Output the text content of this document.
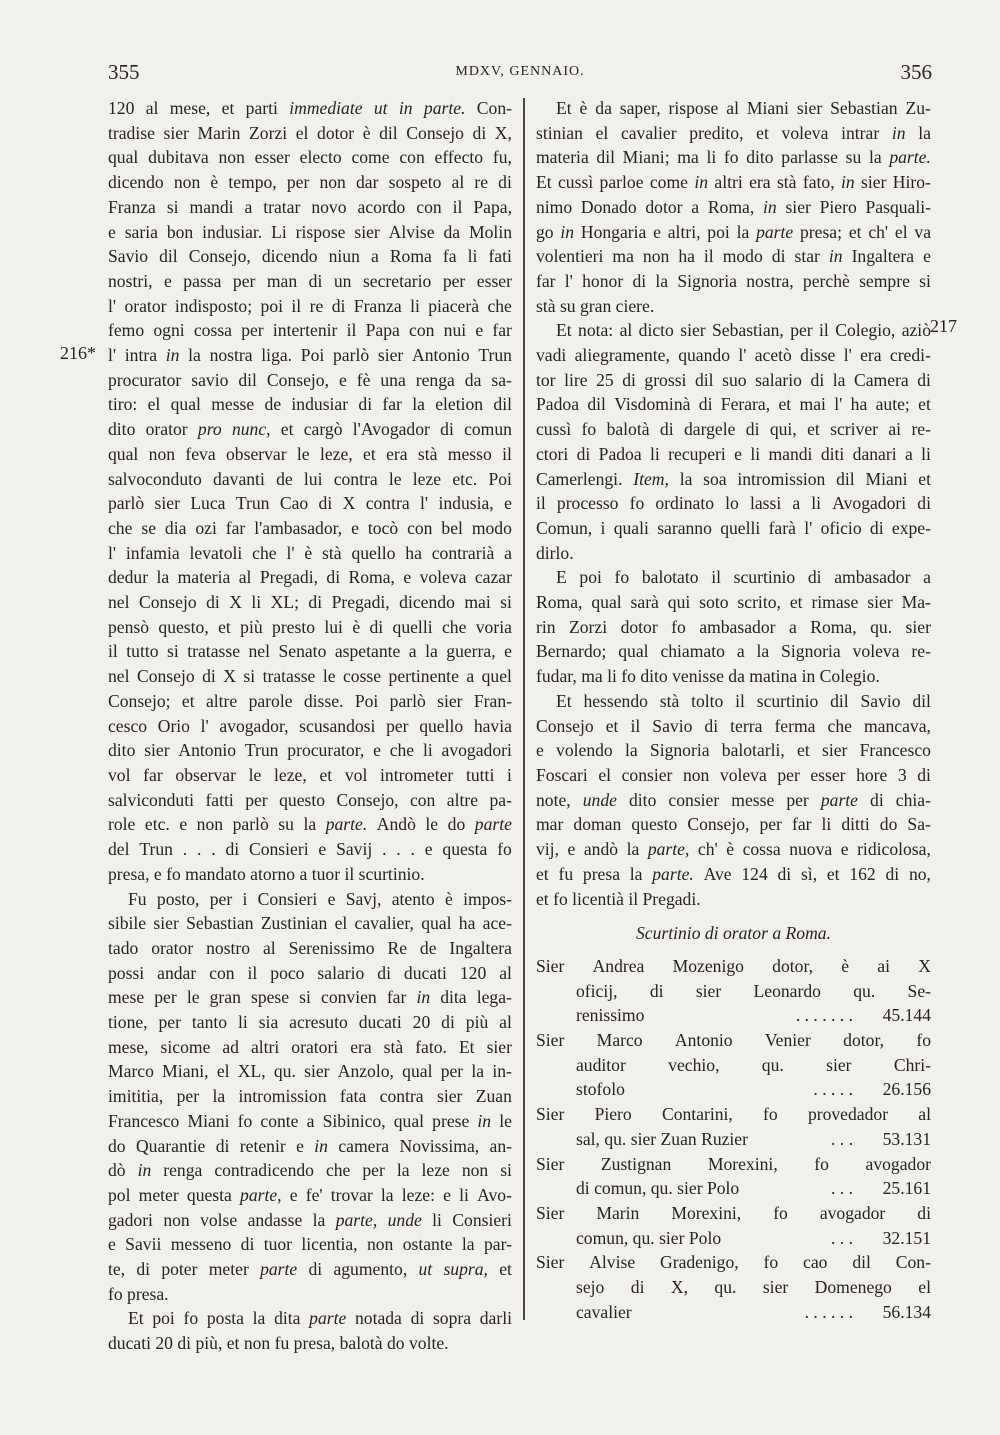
355	MDXV, GENNAIO.	356
216*
217
120 al mese, et parti immediate ut in parte. Con-
tradise sier Marin Zorzi el dotor è dil Consejo di X,
qual dubitava non esser electo come con effecto fu,
dicendo non è tempo, per non dar sospeto al re di
Franza si mandi a tratar novo acordo con il Papa,
e saria bon indusiar. Li rispose sier Alvise da Molin
Savio dil Consejo, dicendo niun a Roma fa li fati
nostri, e passa per man di un secretario per esser
l' orator indisposto; poi il re di Franza li piacerà che
femo ogni cossa per intertenir il Papa con nui e far
l' intra in la nostra liga. Poi parlò sier Antonio Trun
procurator savio dil Consejo, e fè una renga da sa-
tiro: el qual messe de indusiar di far la eletion dil
dito orator pro nunc, et cargò l'Avogador di comun
qual non feva observar le leze, et era stà messo il
salvoconduto davanti de lui contra le leze etc. Poi
parlò sier Luca Trun Cao di X contra l' indusia, e
che se dia ozi far l'ambasador, e tocò con bel modo
l' infamia levatoli che l' è stà quello ha contrarià a
dedur la materia al Pregadi, di Roma, e voleva cazar
nel Consejo di X li XL; di Pregadi, dicendo mai si
pensò questo, et più presto lui è di quelli che voria
il tutto si tratasse nel Senato aspetante a la guerra, e
nel Consejo di X si tratasse le cosse pertinente a quel
Consejo; et altre parole disse. Poi parlò sier Fran-
cesco Orio l' avogador, scusandosi per quello havia
dito sier Antonio Trun procurator, e che li avogadori
vol far observar le leze, et vol intrometer tutti i
salviconduti fatti per questo Consejo, con altre pa-
role etc. e non parlò su la parte. Andò le do parte
del Trun . . . di Consieri e Savij . . . e questa fo
presa, e fo mandato atorno a tuor il scurtinio.
Fu posto, per i Consieri e Savj, atento è impos-
sibile sier Sebastian Zustinian el cavalier, qual ha ace-
tado orator nostro al Serenissimo Re de Ingaltera
possi andar con il poco salario di ducati 120 al
mese per le gran spese si convien far in dita lega-
tione, per tanto li sia acresuto ducati 20 di più al
mese, sicome ad altri oratori era stà fato. Et sier
Marco Miani, el XL, qu. sier Anzolo, qual per la in-
imititia, per la intromission fata contra sier Zuan
Francesco Miani fo conte a Sibinico, qual prese in le
do Quarantie di retenir e in camera Novissima, an-
dò in renga contradicendo che per la leze non si
pol meter questa parte, e fe' trovar la leze: e li Avo-
gadori non volse andasse la parte, unde li Consieri
e Savii messeno di tuor licentia, non ostante la par-
te, di poter meter parte di agumento, ut supra, et
fo presa.
Et poi fo posta la dita parte notada di sopra darli
ducati 20 di più, et non fu presa, balotà do volte.
Et è da saper, rispose al Miani sier Sebastian Zu-
stinian el cavalier predito, et voleva intrar in la
materia dil Miani; ma li fo dito parlasse su la parte.
Et cussì parloe come in altri era stà fato, in sier Hiro-
nimo Donado dotor a Roma, in sier Piero Pasquali-
go in Hongaria e altri, poi la parte presa; et ch' el va
volentieri ma non ha il modo di star in Ingaltera e
far l' honor di la Signoria nostra, perchè sempre si
stà su gran ciere.
Et nota: al dicto sier Sebastian, per il Colegio, aziò
vadi aliegramente, quando l' acetò disse l' era credi-
tor lire 25 di grossi dil suo salario di la Camera di
Padoa dil Visdominà di Ferara, et mai l' ha aute; et
cussì fo balotà di dargele di qui, et scriver ai re-
ctori di Padoa li recuperi e li mandi diti danari a li
Camerlengi. Item, la soa intromission dil Miani et
il processo fo ordinato lo lassi a li Avogadori di
Comun, i quali saranno quelli farà l' oficio di expe-
dirlo.
E poi fo balotato il scurtinio di ambasador a
Roma, qual sarà qui soto scrito, et rimase sier Ma-
rin Zorzi dotor fo ambasador a Roma, qu. sier
Bernardo; qual chiamato a la Signoria voleva re-
fudar, ma li fo dito venisse da matina in Colegio.
Et hessendo stà tolto il scurtinio dil Savio dil
Consejo et il Savio di terra ferma che mancava,
e volendo la Signoria balotarli, et sier Francesco
Foscari el consier non voleva per esser hore 3 di
note, unde dito consier messe per parte di chia-
mar doman questo Consejo, per far li ditti do Sa-
vij, e andò la parte, ch' è cossa nuova e ridicolosa,
et fu presa la parte. Ave 124 di sì, et 162 di no,
et fo licentià il Pregadi.
Scurtinio di orator a Roma.
Sier Andrea Mozenigo dotor, è ai X
oficij, di sier Leonardo qu. Se-
renissimo	. . . . . . .	45.144
Sier Marco Antonio Venier dotor, fo
auditor vechio, qu. sier Chri-
stofolo	. . . . .	26.156
Sier Piero Contarini, fo provedador al
sal, qu. sier Zuan Ruzier	. . .	53.131
Sier Zustignan Morexini, fo avogador
di comun, qu. sier Polo	. . .	25.161
Sier Marin Morexini, fo avogador di
comun, qu. sier Polo	. . .	32.151
Sier Alvise Gradenigo, fo cao dil Con-
sejo di X, qu. sier Domenego el
cavalier	. . . . . .	56.134
